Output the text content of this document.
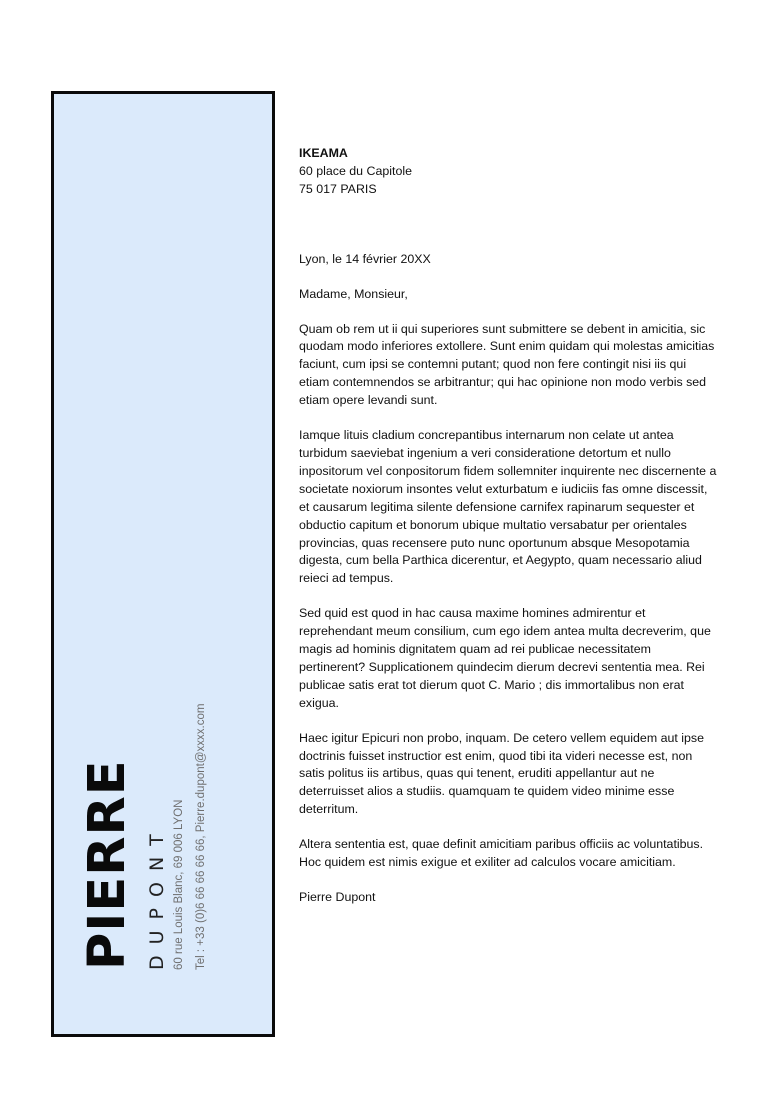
PIERRE DUPONT 60 rue Louis Blanc, 69 006 LYON Tel : +33 (0)6 66 66 66 66, Pierre.dupont@xxxx.com

IKEAMA
60 place du Capitole
75 017 PARIS

Lyon, le 14 février 20XX

Madame, Monsieur,

Quam ob rem ut ii qui superiores sunt submittere se debent in amicitia, sic quodam modo inferiores extollere. Sunt enim quidam qui molestas amicitias faciunt, cum ipsi se contemni putant; quod non fere contingit nisi iis qui etiam contemnendos se arbitrantur; qui hac opinione non modo verbis sed etiam opere levandi sunt.

Iamque lituis cladium concrepantibus internarum non celate ut antea turbidum saeviebat ingenium a veri consideratione detortum et nullo inpositorum vel conpositorum fidem sollemniter inquirente nec discernente a societate noxiorum insontes velut exturbatum e iudiciis fas omne discessit, et causarum legitima silente defensione carnifex rapinarum sequester et obductio capitum et bonorum ubique multatio versabatur per orientales provincias, quas recensere puto nunc oportunum absque Mesopotamia digesta, cum bella Parthica dicerentur, et Aegypto, quam necessario aliud reieci ad tempus.

Sed quid est quod in hac causa maxime homines admirentur et reprehendant meum consilium, cum ego idem antea multa decreverim, que magis ad hominis dignitatem quam ad rei publicae necessitatem pertinerent? Supplicationem quindecim dierum decrevi sententia mea. Rei publicae satis erat tot dierum quot C. Mario ; dis immortalibus non erat exigua.

Haec igitur Epicuri non probo, inquam. De cetero vellem equidem aut ipse doctrinis fuisset instructior est enim, quod tibi ita videri necesse est, non satis politus iis artibus, quas qui tenent, eruditi appellantur aut ne deterruisset alios a studiis. quamquam te quidem video minime esse deterritum.

Altera sententia est, quae definit amicitiam paribus officiis ac voluntatibus. Hoc quidem est nimis exigue et exiliter ad calculos vocare amicitiam.

Pierre Dupont
